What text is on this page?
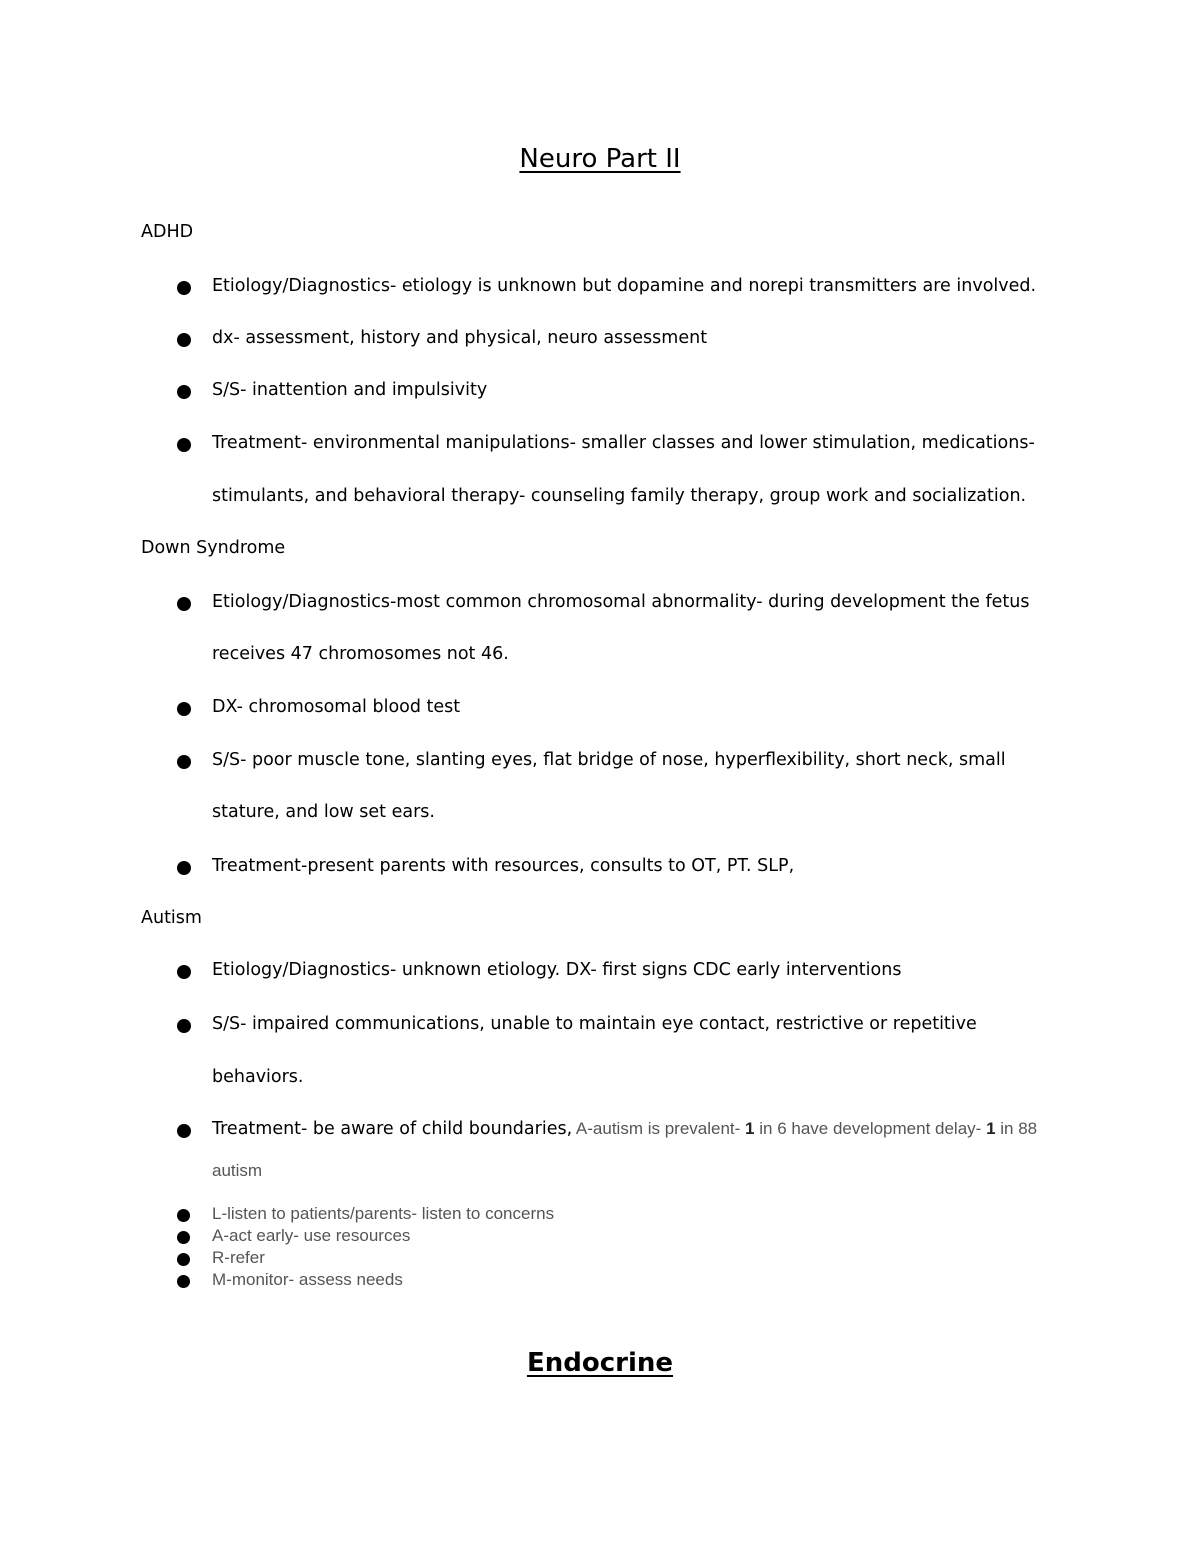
Neuro Part II
ADHD
Etiology/Diagnostics- etiology is unknown but dopamine and norepi transmitters are involved.
dx- assessment, history and physical, neuro assessment
S/S- inattention and impulsivity
Treatment- environmental manipulations- smaller classes and lower stimulation, medications-
stimulants, and behavioral therapy- counseling family therapy, group work and socialization.
Down Syndrome
Etiology/Diagnostics-most common chromosomal abnormality- during development the fetus
receives 47 chromosomes not 46.
DX- chromosomal blood test
S/S- poor muscle tone, slanting eyes, flat bridge of nose, hyperflexibility, short neck, small
stature, and low set ears.
Treatment-present parents with resources, consults to OT, PT. SLP,
Autism
Etiology/Diagnostics- unknown etiology. DX- first signs CDC early interventions
S/S- impaired communications, unable to maintain eye contact, restrictive or repetitive
behaviors.
Treatment- be aware of child boundaries, A-autism is prevalent- 1 in 6 have development delay- 1 in 88
autism
L-listen to patients/parents- listen to concerns
A-act early- use resources
R-refer
M-monitor- assess needs
Endocrine
